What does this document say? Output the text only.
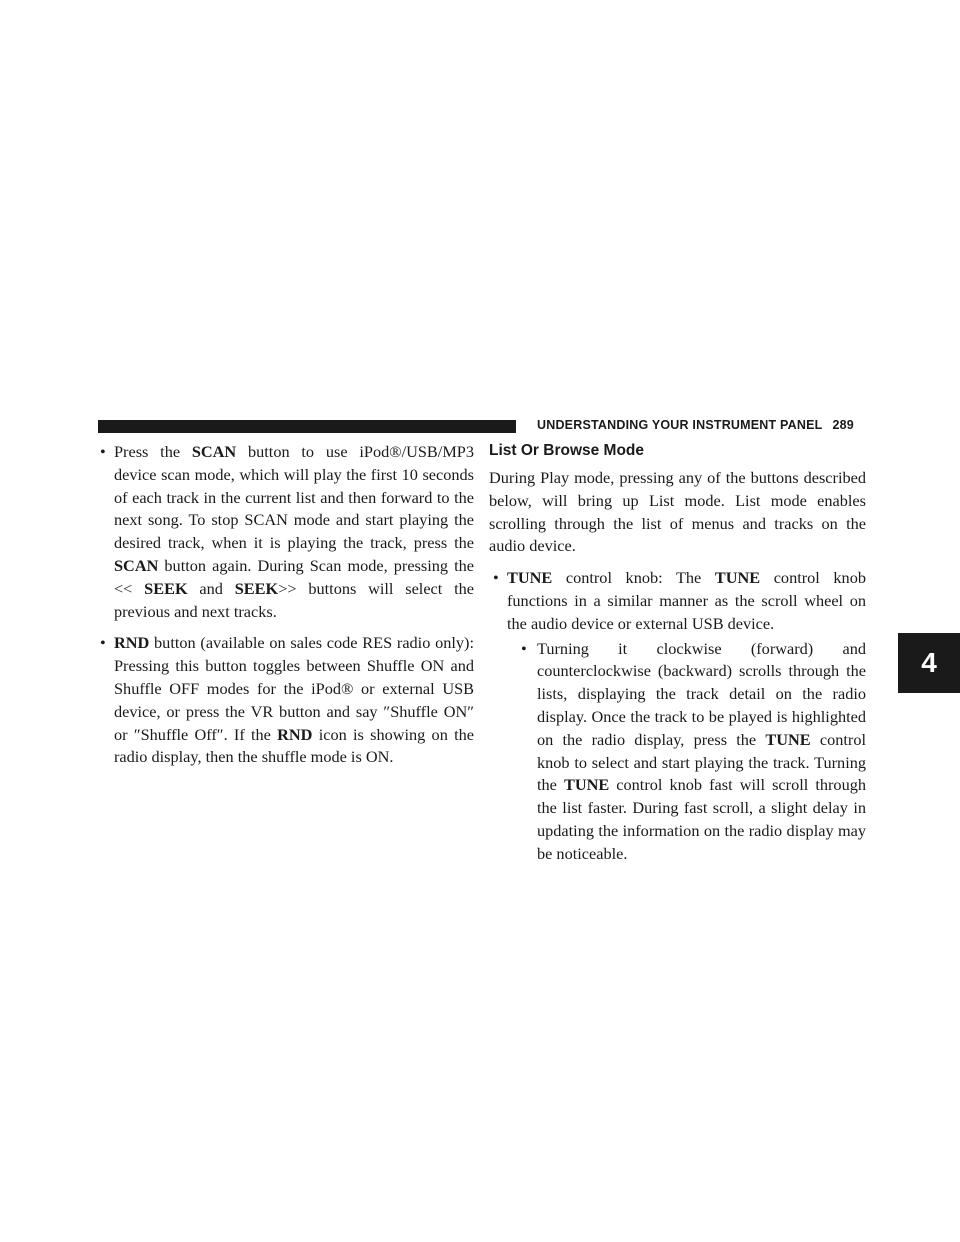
UNDERSTANDING YOUR INSTRUMENT PANEL 289
4

• Press the SCAN button to use iPod®/USB/MP3 device scan mode, which will play the first 10 seconds of each track in the current list and then forward to the next song. To stop SCAN mode and start playing the desired track, when it is playing the track, press the SCAN button again. During Scan mode, pressing the << SEEK and SEEK>> buttons will select the previous and next tracks.

• RND button (available on sales code RES radio only): Pressing this button toggles between Shuffle ON and Shuffle OFF modes for the iPod® or external USB device, or press the VR button and say ″Shuffle ON″ or ″Shuffle Off″. If the RND icon is showing on the radio display, then the shuffle mode is ON.

List Or Browse Mode

During Play mode, pressing any of the buttons described below, will bring up List mode. List mode enables scrolling through the list of menus and tracks on the audio device.

• TUNE control knob: The TUNE control knob functions in a similar manner as the scroll wheel on the audio device or external USB device.

• Turning it clockwise (forward) and counterclockwise (backward) scrolls through the lists, displaying the track detail on the radio display. Once the track to be played is highlighted on the radio display, press the TUNE control knob to select and start playing the track. Turning the TUNE control knob fast will scroll through the list faster. During fast scroll, a slight delay in updating the information on the radio display may be noticeable.
